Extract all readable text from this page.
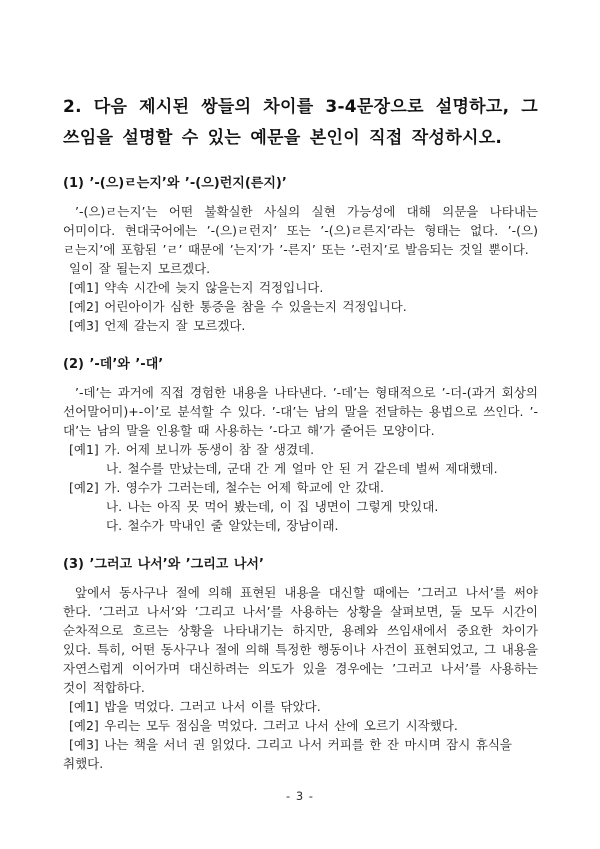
2. 다음 제시된 쌍들의 차이를 3-4문장으로 설명하고, 그 쓰임을 설명할 수 있는 예문을 본인이 직접 작성하시오.
(1) ’-(으)ㄹ는지’와 ’-(으)런지(른지)’

’-(으)ㄹ는지’는 어떤 불확실한 사실의 실현 가능성에 대해 의문을 나타내는 어미이다. 현대국어에는 ’-(으)ㄹ런지’ 또는 ’-(으)ㄹ른지’라는 형태는 없다. ’-(으)ㄹ는지’에 포함된 ’ㄹ’ 때문에 ’는지’가 ’-른지’ 또는 ’-런지’로 발음되는 것일 뿐이다.

일이 잘 될는지 모르겠다.
[예1] 약속 시간에 늦지 않을는지 걱정입니다.
[예2] 어린아이가 심한 통증을 참을 수 있을는지 걱정입니다.
[예3] 언제 갈는지 잘 모르겠다.
(2) ’-데’와 ’-대’

’-데’는 과거에 직접 경험한 내용을 나타낸다. ’-데’는 형태적으로 ’-더-(과거 회상의 선어말어미)+-이’로 분석할 수 있다. ’-대’는 남의 말을 전달하는 용법으로 쓰인다. ’-대’는 남의 말을 인용할 때 사용하는 ’-다고 해’가 줄어든 모양이다.

[예1] 가. 어제 보니까 동생이 참 잘 생겼데.
나. 철수를 만났는데, 군대 간 게 얼마 안 된 거 같은데 벌써 제대했데.
[예2] 가. 영수가 그러는데, 철수는 어제 학교에 안 갔대.
나. 나는 아직 못 먹어 봤는데, 이 집 냉면이 그렇게 맛있대.
다. 철수가 막내인 줄 알았는데, 장남이래.
(3) ’그러고 나서’와 ’그리고 나서’

앞에서 동사구나 절에 의해 표현된 내용을 대신할 때에는 ’그러고 나서’를 써야 한다. ’그러고 나서’와 ’그리고 나서’를 사용하는 상황을 살펴보면, 둘 모두 시간이 순차적으로 흐르는 상황을 나타내기는 하지만, 용례와 쓰임새에서 중요한 차이가 있다. 특히, 어떤 동사구나 절에 의해 특정한 행동이나 사건이 표현되었고, 그 내용을 자연스럽게 이어가며 대신하려는 의도가 있을 경우에는 ’그러고 나서’를 사용하는 것이 적합하다.

[예1] 밥을 먹었다. 그러고 나서 이를 닦았다.
[예2] 우리는 모두 점심을 먹었다. 그러고 나서 산에 오르기 시작했다.
[예3] 나는 책을 서너 권 읽었다. 그리고 나서 커피를 한 잔 마시며 잠시 휴식을 취했다.
- 3 -
